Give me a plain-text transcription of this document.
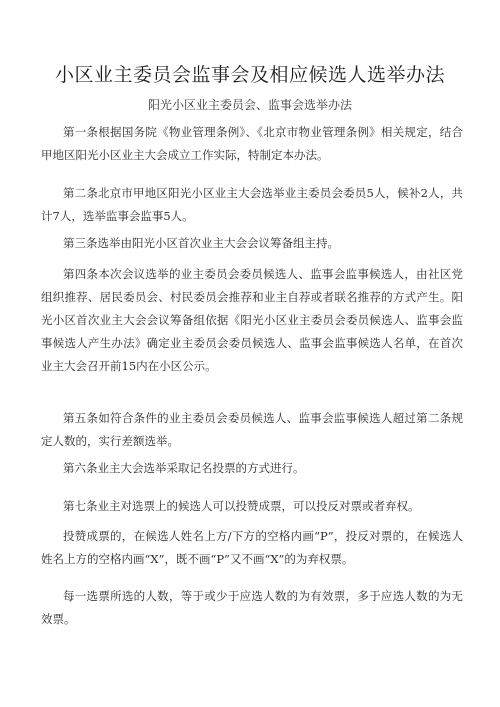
小区业主委员会监事会及相应候选人选举办法
阳光小区业主委员会、监事会选举办法

第一条根据国务院《物业管理条例》、《北京市物业管理条例》相关规定，结合甲地区阳光小区业主大会成立工作实际，特制定本办法。

第二条北京市甲地区阳光小区业主大会选举业主委员会委员5人，候补2人，共计7人，选举监事会监事5人。

第三条选举由阳光小区首次业主大会会议筹备组主持。

第四条本次会议选举的业主委员会委员候选人、监事会监事候选人，由社区党组织推荐、居民委员会、村民委员会推荐和业主自荐或者联名推荐的方式产生。阳光小区首次业主大会会议筹备组依据《阳光小区业主委员会委员候选人、监事会监事候选人产生办法》确定业主委员会委员候选人、监事会监事候选人名单，在首次业主大会召开前15内在小区公示。

第五条如符合条件的业主委员会委员候选人、监事会监事候选人超过第二条规定人数的，实行差额选举。

第六条业主大会选举采取记名投票的方式进行。

第七条业主对选票上的候选人可以投赞成票，可以投反对票或者弃权。

投赞成票的，在候选人姓名上方/下方的空格内画“P”，投反对票的，在候选人姓名上方的空格内画“X”，既不画“P”又不画“X”的为弃权票。

每一选票所选的人数，等于或少于应选人数的为有效票，多于应选人数的为无效票。
